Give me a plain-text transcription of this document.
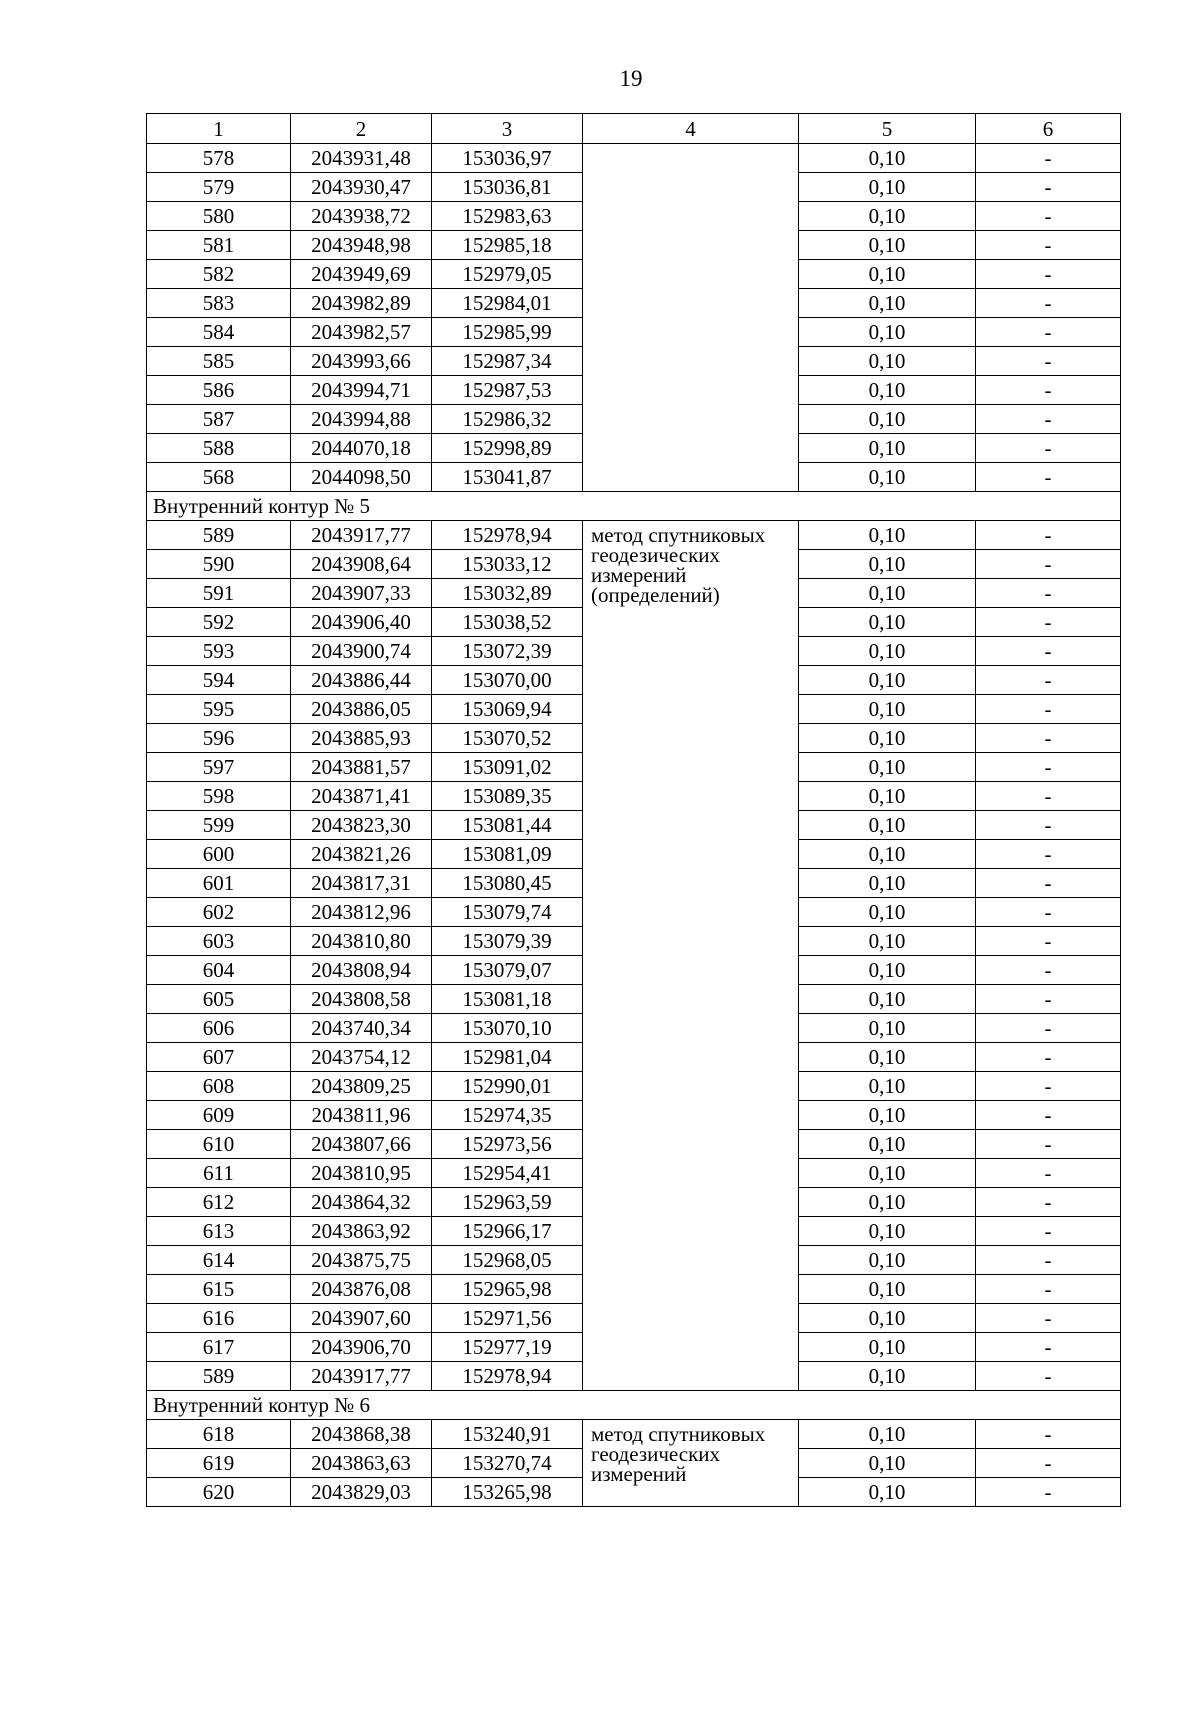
19
1	2	3	4	5	6
578	2043931,48	153036,97		0,10	-
579	2043930,47	153036,81		0,10	-
580	2043938,72	152983,63		0,10	-
581	2043948,98	152985,18		0,10	-
582	2043949,69	152979,05		0,10	-
583	2043982,89	152984,01		0,10	-
584	2043982,57	152985,99		0,10	-
585	2043993,66	152987,34		0,10	-
586	2043994,71	152987,53		0,10	-
587	2043994,88	152986,32		0,10	-
588	2044070,18	152998,89		0,10	-
568	2044098,50	153041,87		0,10	-
Внутренний контур № 5					
589	2043917,77	152978,94	метод спутниковых
геодезических
измерений
(определений)	0,10	-
590	2043908,64	153033,12		0,10	-
591	2043907,33	153032,89		0,10	-
592	2043906,40	153038,52		0,10	-
593	2043900,74	153072,39		0,10	-
594	2043886,44	153070,00		0,10	-
595	2043886,05	153069,94		0,10	-
596	2043885,93	153070,52		0,10	-
597	2043881,57	153091,02		0,10	-
598	2043871,41	153089,35		0,10	-
599	2043823,30	153081,44		0,10	-
600	2043821,26	153081,09		0,10	-
601	2043817,31	153080,45		0,10	-
602	2043812,96	153079,74		0,10	-
603	2043810,80	153079,39		0,10	-
604	2043808,94	153079,07		0,10	-
605	2043808,58	153081,18		0,10	-
606	2043740,34	153070,10		0,10	-
607	2043754,12	152981,04		0,10	-
608	2043809,25	152990,01		0,10	-
609	2043811,96	152974,35		0,10	-
610	2043807,66	152973,56		0,10	-
611	2043810,95	152954,41		0,10	-
612	2043864,32	152963,59		0,10	-
613	2043863,92	152966,17		0,10	-
614	2043875,75	152968,05		0,10	-
615	2043876,08	152965,98		0,10	-
616	2043907,60	152971,56		0,10	-
617	2043906,70	152977,19		0,10	-
589	2043917,77	152978,94		0,10	-
Внутренний контур № 6					
618	2043868,38	153240,91	метод спутниковых
геодезических
измерений	0,10	-
619	2043863,63	153270,74		0,10	-
620	2043829,03	153265,98		0,10	-
